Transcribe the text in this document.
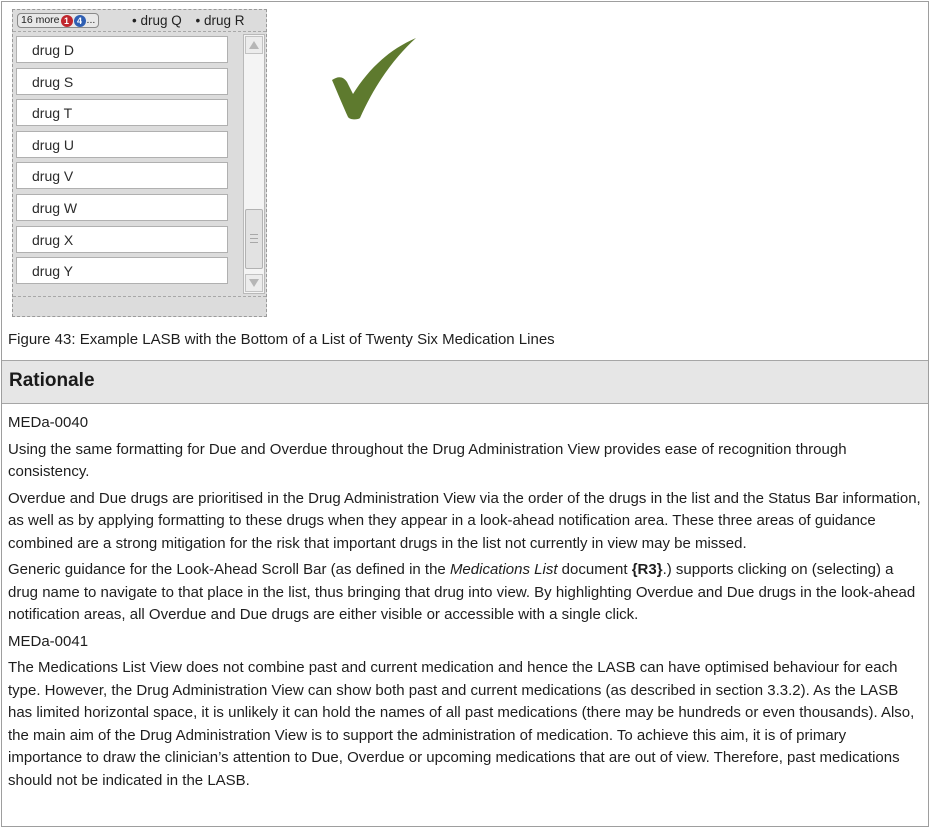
16 more 1 4 ...	• drug Q • drug R
drug D
drug S
drug T
drug U
drug V
drug W
drug X
drug Y
Figure 43: Example LASB with the Bottom of a List of Twenty Six Medication Lines
Rationale

MEDa-0040

Using the same formatting for Due and Overdue throughout the Drug Administration View provides ease of recognition through consistency.

Overdue and Due drugs are prioritised in the Drug Administration View via the order of the drugs in the list and the Status Bar information, as well as by applying formatting to these drugs when they appear in a look-ahead notification area. These three areas of guidance combined are a strong mitigation for the risk that important drugs in the list not currently in view may be missed.

Generic guidance for the Look-Ahead Scroll Bar (as defined in the Medications List document {R3}.) supports clicking on (selecting) a drug name to navigate to that place in the list, thus bringing that drug into view. By highlighting Overdue and Due drugs in the look-ahead notification areas, all Overdue and Due drugs are either visible or accessible with a single click.

MEDa-0041

The Medications List View does not combine past and current medication and hence the LASB can have optimised behaviour for each type. However, the Drug Administration View can show both past and current medications (as described in section 3.3.2). As the LASB has limited horizontal space, it is unlikely it can hold the names of all past medications (there may be hundreds or even thousands). Also, the main aim of the Drug Administration View is to support the administration of medication. To achieve this aim, it is of primary importance to draw the clinician’s attention to Due, Overdue or upcoming medications that are out of view. Therefore, past medications should not be indicated in the LASB.
